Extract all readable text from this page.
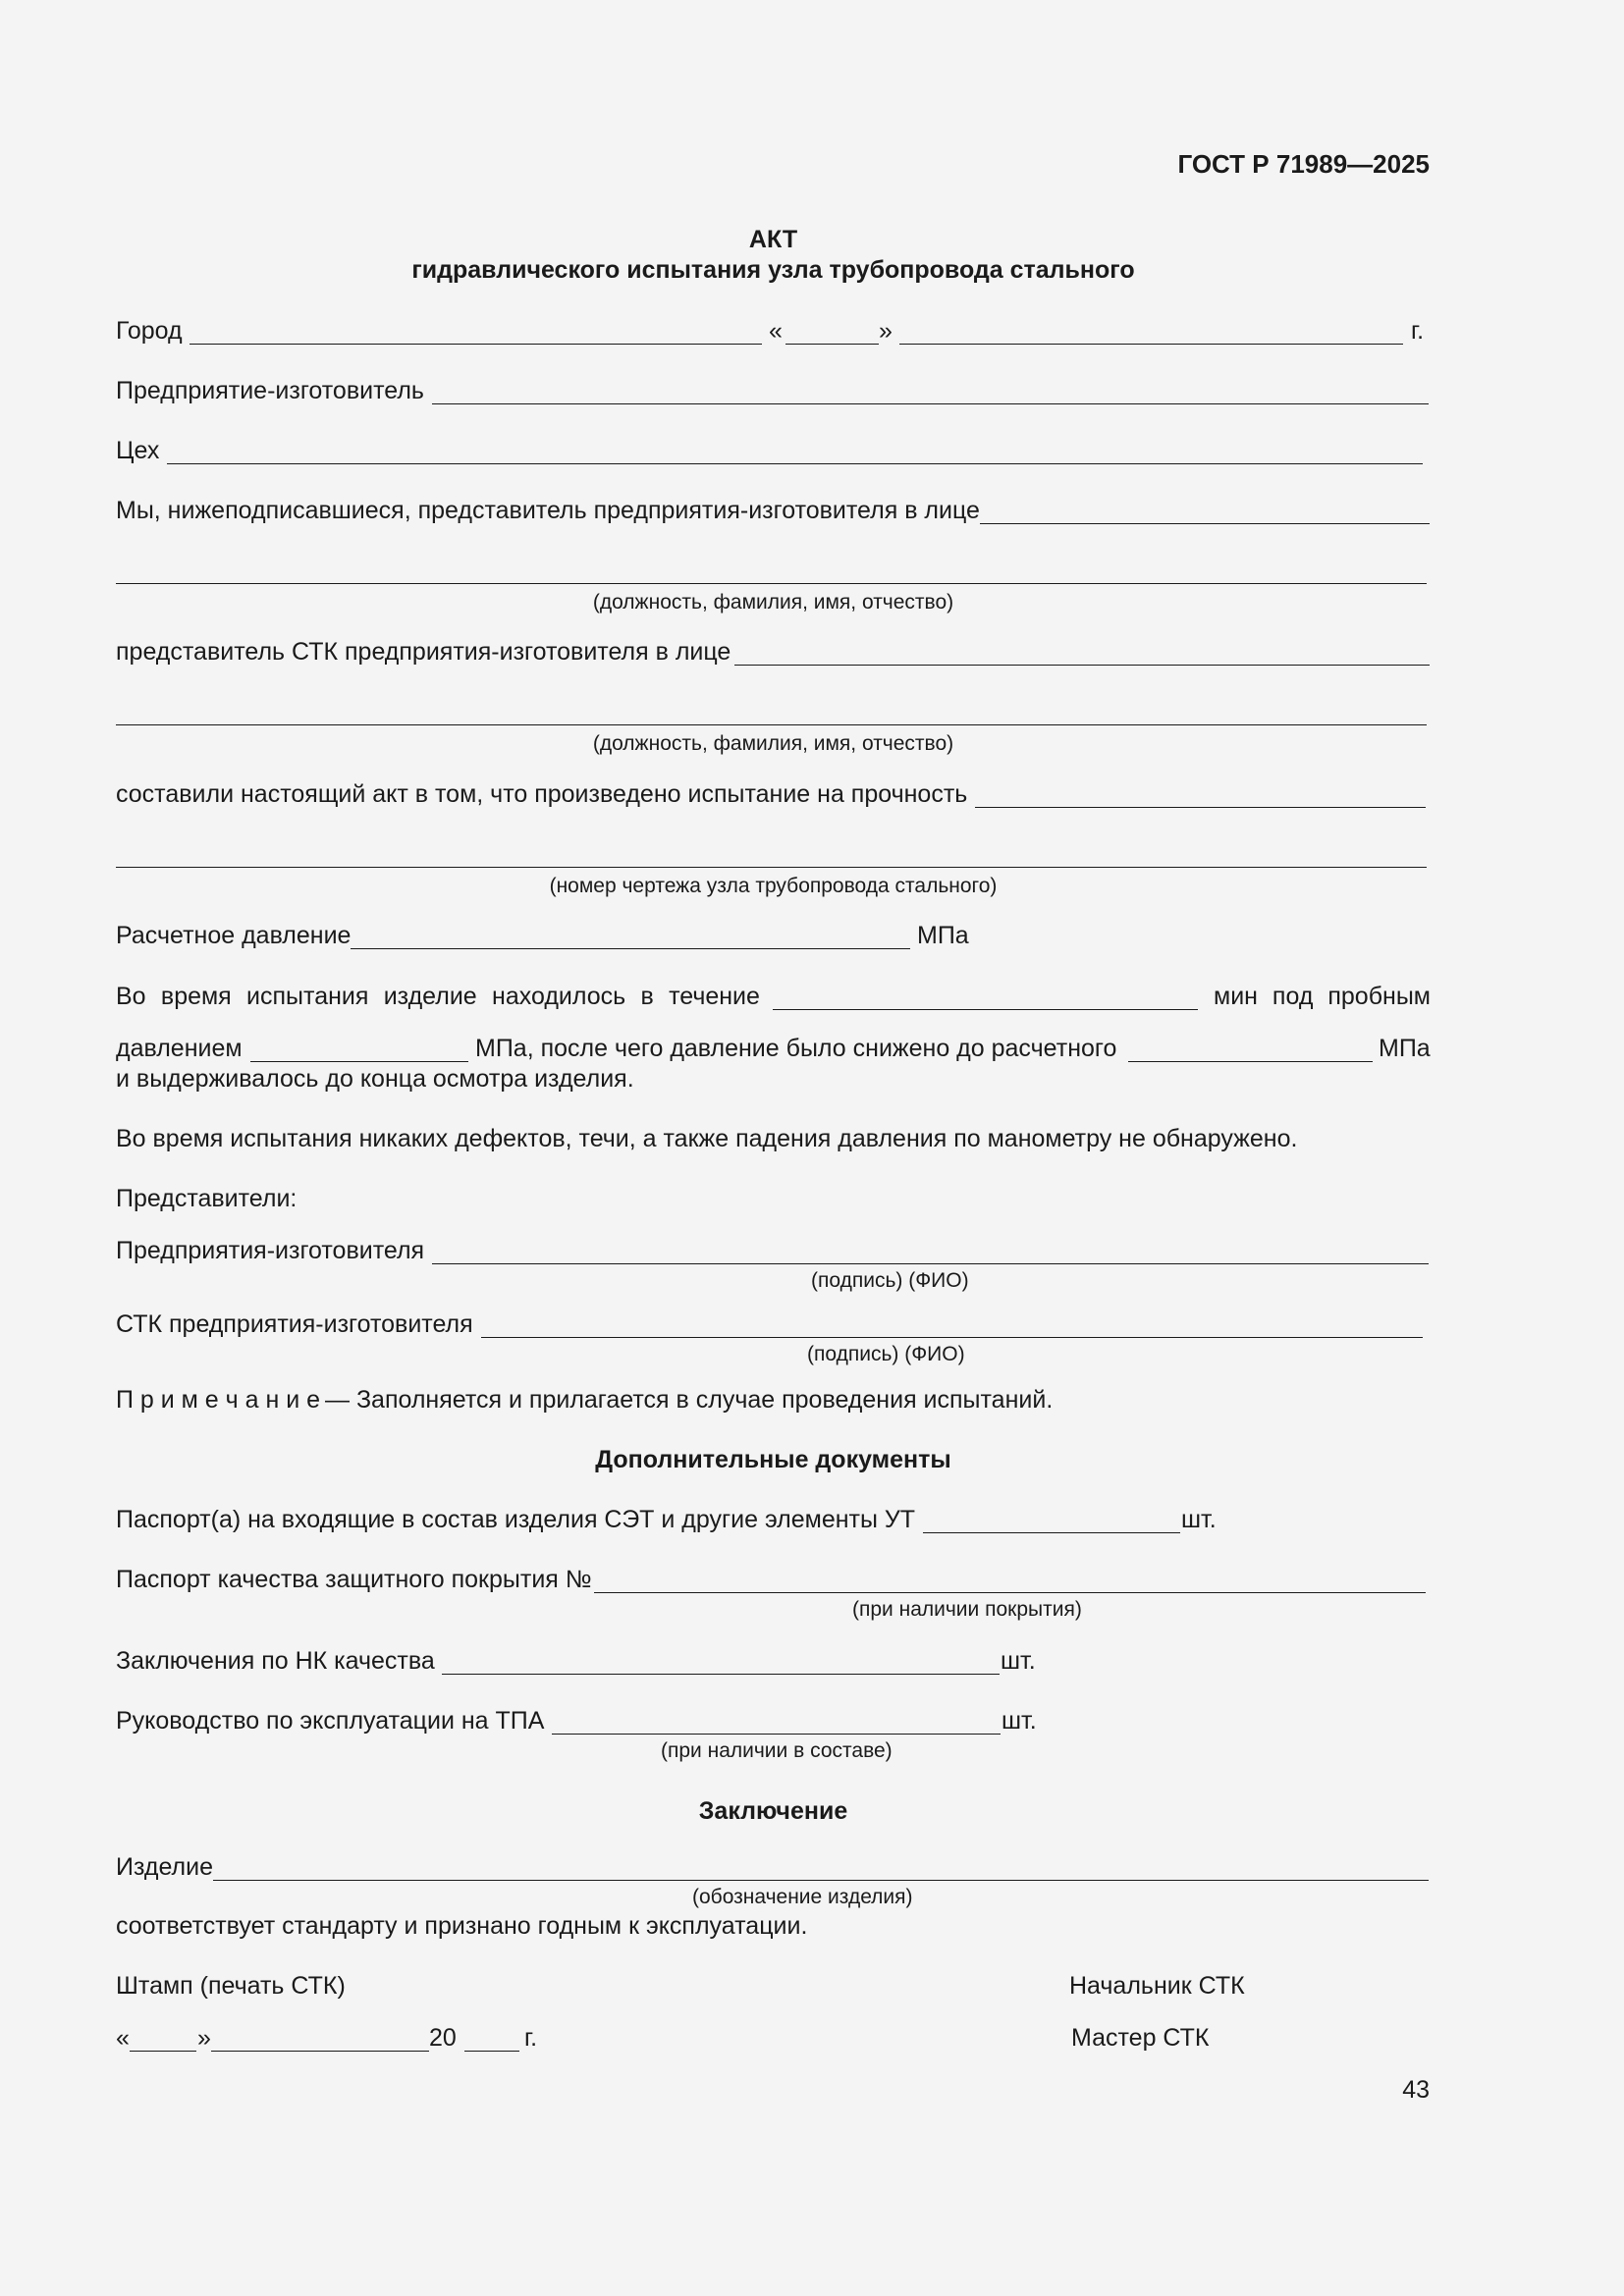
ГОСТ Р 71989—2025
АКТ
гидравлического испытания узла трубопровода стального
Город	«	»	г.
Предприятие-изготовитель
Цех
Мы, нижеподписавшиеся, представитель предприятия-изготовителя в лице
(должность, фамилия, имя, отчество)
представитель СТК предприятия-изготовителя в лице
(должность, фамилия, имя, отчество)
составили настоящий акт в том, что произведено испытание на прочность
(номер чертежа узла трубопровода стального)
Расчетное давление	МПа
Во время испытания изделие находилось в течение	мин под пробным
давлением	МПа, после чего давление было снижено до расчетного	МПа
и выдерживалось до конца осмотра изделия.
Во время испытания никаких дефектов, течи, а также падения давления по манометру не обнаружено.
Представители:
Предприятия-изготовителя
(подпись) (ФИО)
СТК предприятия-изготовителя
(подпись) (ФИО)
П р и м е ч а н и е — Заполняется и прилагается в случае проведения испытаний.
Дополнительные документы
Паспорт(а) на входящие в состав изделия СЭТ и другие элементы УТ	шт.
Паспорт качества защитного покрытия №
(при наличии покрытия)
Заключения по НК качества	шт.
Руководство по эксплуатации на ТПА	шт.
(при наличии в составе)
Заключение
Изделие
(обозначение изделия)
соответствует стандарту и признано годным к эксплуатации.
Штамп (печать СТК)	Начальник СТК
«	»	20	г.	Мастер СТК
43
